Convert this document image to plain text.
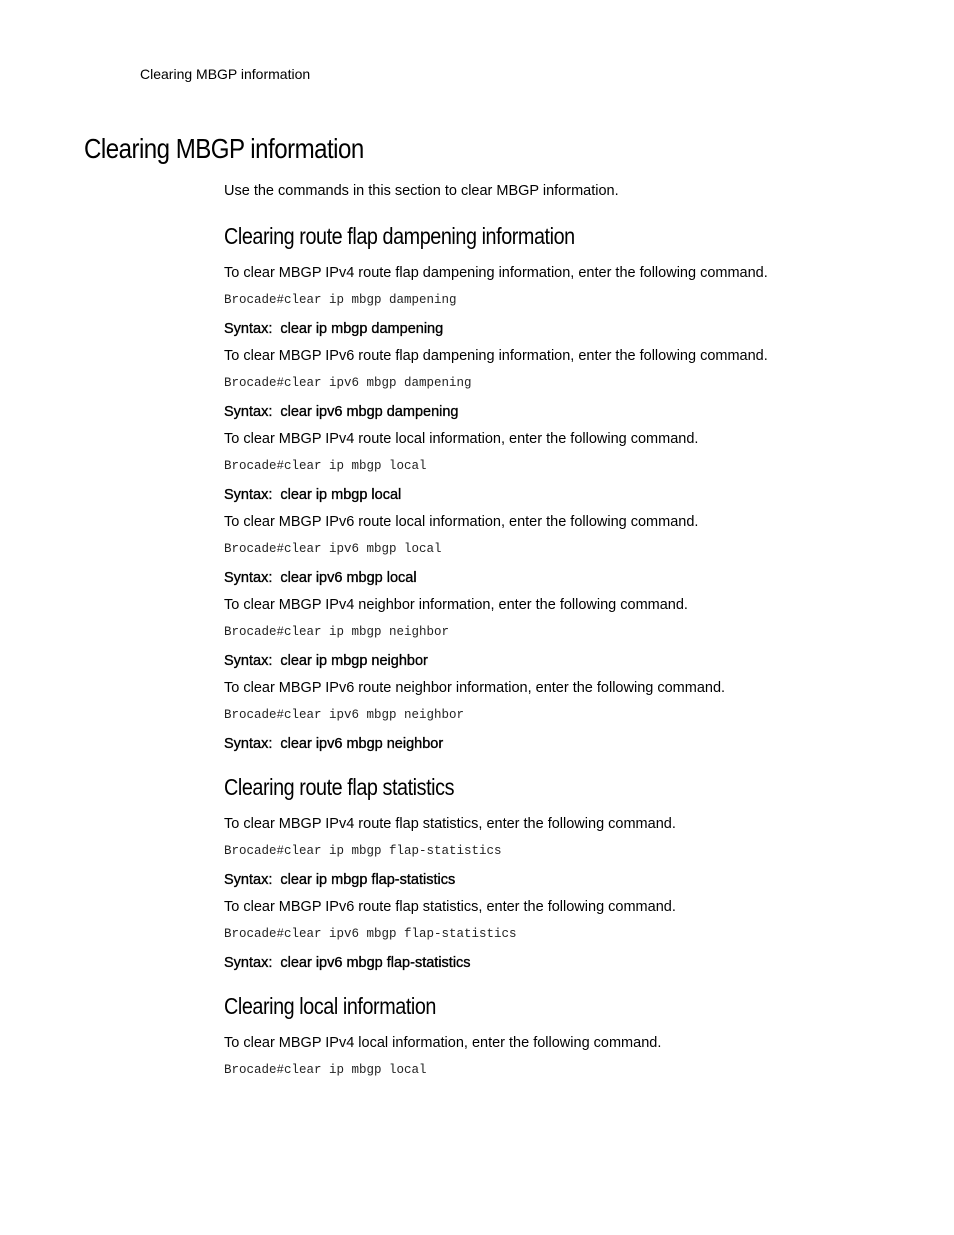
Clearing MBGP information
Clearing MBGP information

Use the commands in this section to clear MBGP information.

Clearing route flap dampening information

To clear MBGP IPv4 route flap dampening information, enter the following command.

Brocade#clear ip mbgp dampening
Syntax: clear ip mbgp dampening

To clear MBGP IPv6 route flap dampening information, enter the following command.

Brocade#clear ipv6 mbgp dampening
Syntax: clear ipv6 mbgp dampening

To clear MBGP IPv4 route local information, enter the following command.

Brocade#clear ip mbgp local
Syntax: clear ip mbgp local

To clear MBGP IPv6 route local information, enter the following command.

Brocade#clear ipv6 mbgp local
Syntax: clear ipv6 mbgp local

To clear MBGP IPv4 neighbor information, enter the following command.

Brocade#clear ip mbgp neighbor
Syntax: clear ip mbgp neighbor

To clear MBGP IPv6 route neighbor information, enter the following command.

Brocade#clear ipv6 mbgp neighbor
Syntax: clear ipv6 mbgp neighbor
Clearing route flap statistics

To clear MBGP IPv4 route flap statistics, enter the following command.

Brocade#clear ip mbgp flap-statistics
Syntax: clear ip mbgp flap-statistics

To clear MBGP IPv6 route flap statistics, enter the following command.

Brocade#clear ipv6 mbgp flap-statistics
Syntax: clear ipv6 mbgp flap-statistics
Clearing local information

To clear MBGP IPv4 local information, enter the following command.

Brocade#clear ip mbgp local
